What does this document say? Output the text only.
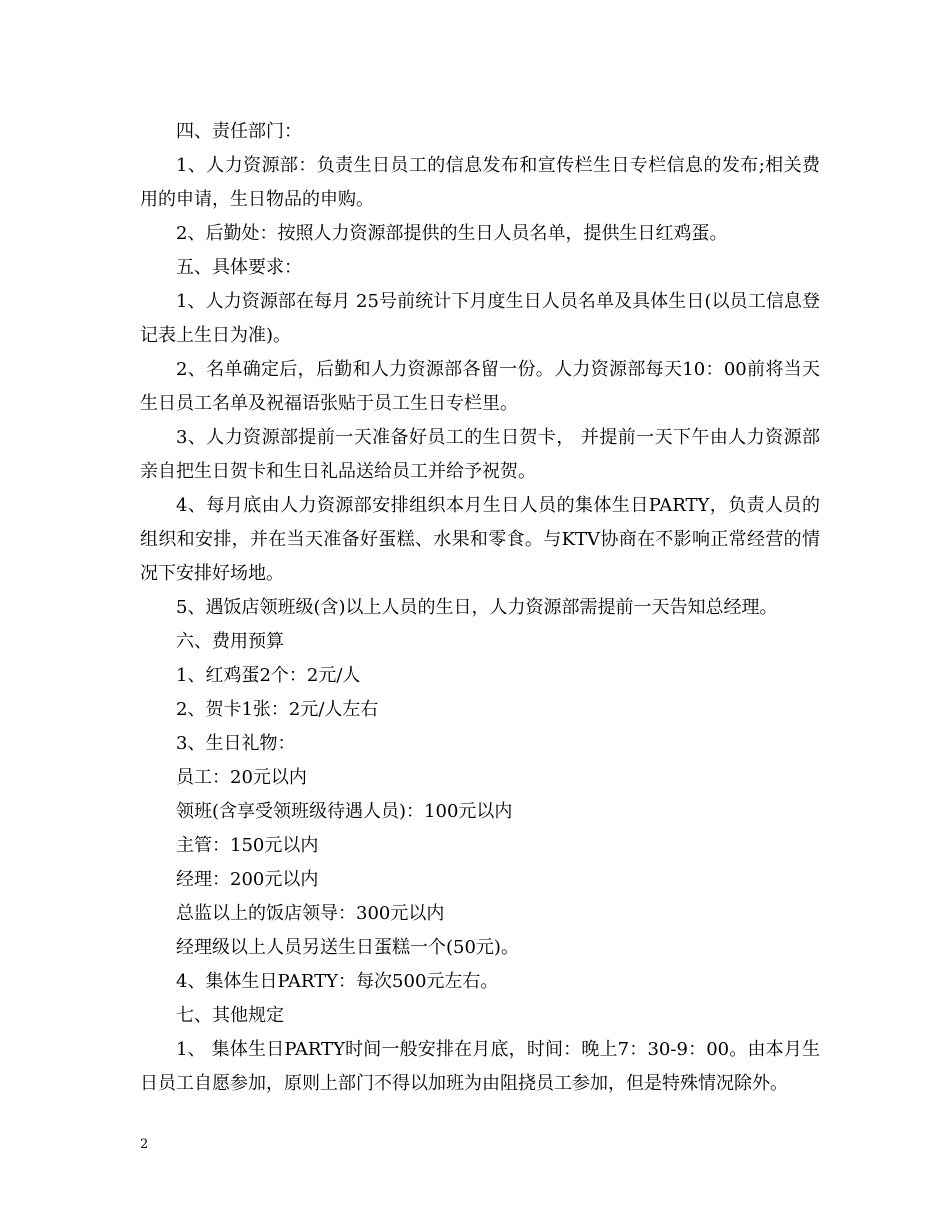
四、责任部门：

1、人力资源部：负责生日员工的信息发布和宣传栏生日专栏信息的发布;相关费用的申请，生日物品的申购。

2、后勤处：按照人力资源部提供的生日人员名单，提供生日红鸡蛋。

五、具体要求：

1、人力资源部在每月 25号前统计下月度生日人员名单及具体生日(以员工信息登记表上生日为准)。

2、名单确定后，后勤和人力资源部各留一份。人力资源部每天10：00前将当天生日员工名单及祝福语张贴于员工生日专栏里。

3、人力资源部提前一天准备好员工的生日贺卡， 并提前一天下午由人力资源部亲自把生日贺卡和生日礼品送给员工并给予祝贺。

4、每月底由人力资源部安排组织本月生日人员的集体生日PARTY，负责人员的组织和安排，并在当天准备好蛋糕、水果和零食。与KTV协商在不影响正常经营的情况下安排好场地。

5、遇饭店领班级(含)以上人员的生日，人力资源部需提前一天告知总经理。

六、费用预算

1、红鸡蛋2个：2元/人

2、贺卡1张：2元/人左右

3、生日礼物：

员工：20元以内

领班(含享受领班级待遇人员)：100元以内

主管：150元以内

经理：200元以内

总监以上的饭店领导：300元以内

经理级以上人员另送生日蛋糕一个(50元)。

4、集体生日PARTY：每次500元左右。

七、其他规定

1、 集体生日PARTY时间一般安排在月底，时间：晚上7：30-9：00。由本月生日员工自愿参加，原则上部门不得以加班为由阻挠员工参加，但是特殊情况除外。

2
